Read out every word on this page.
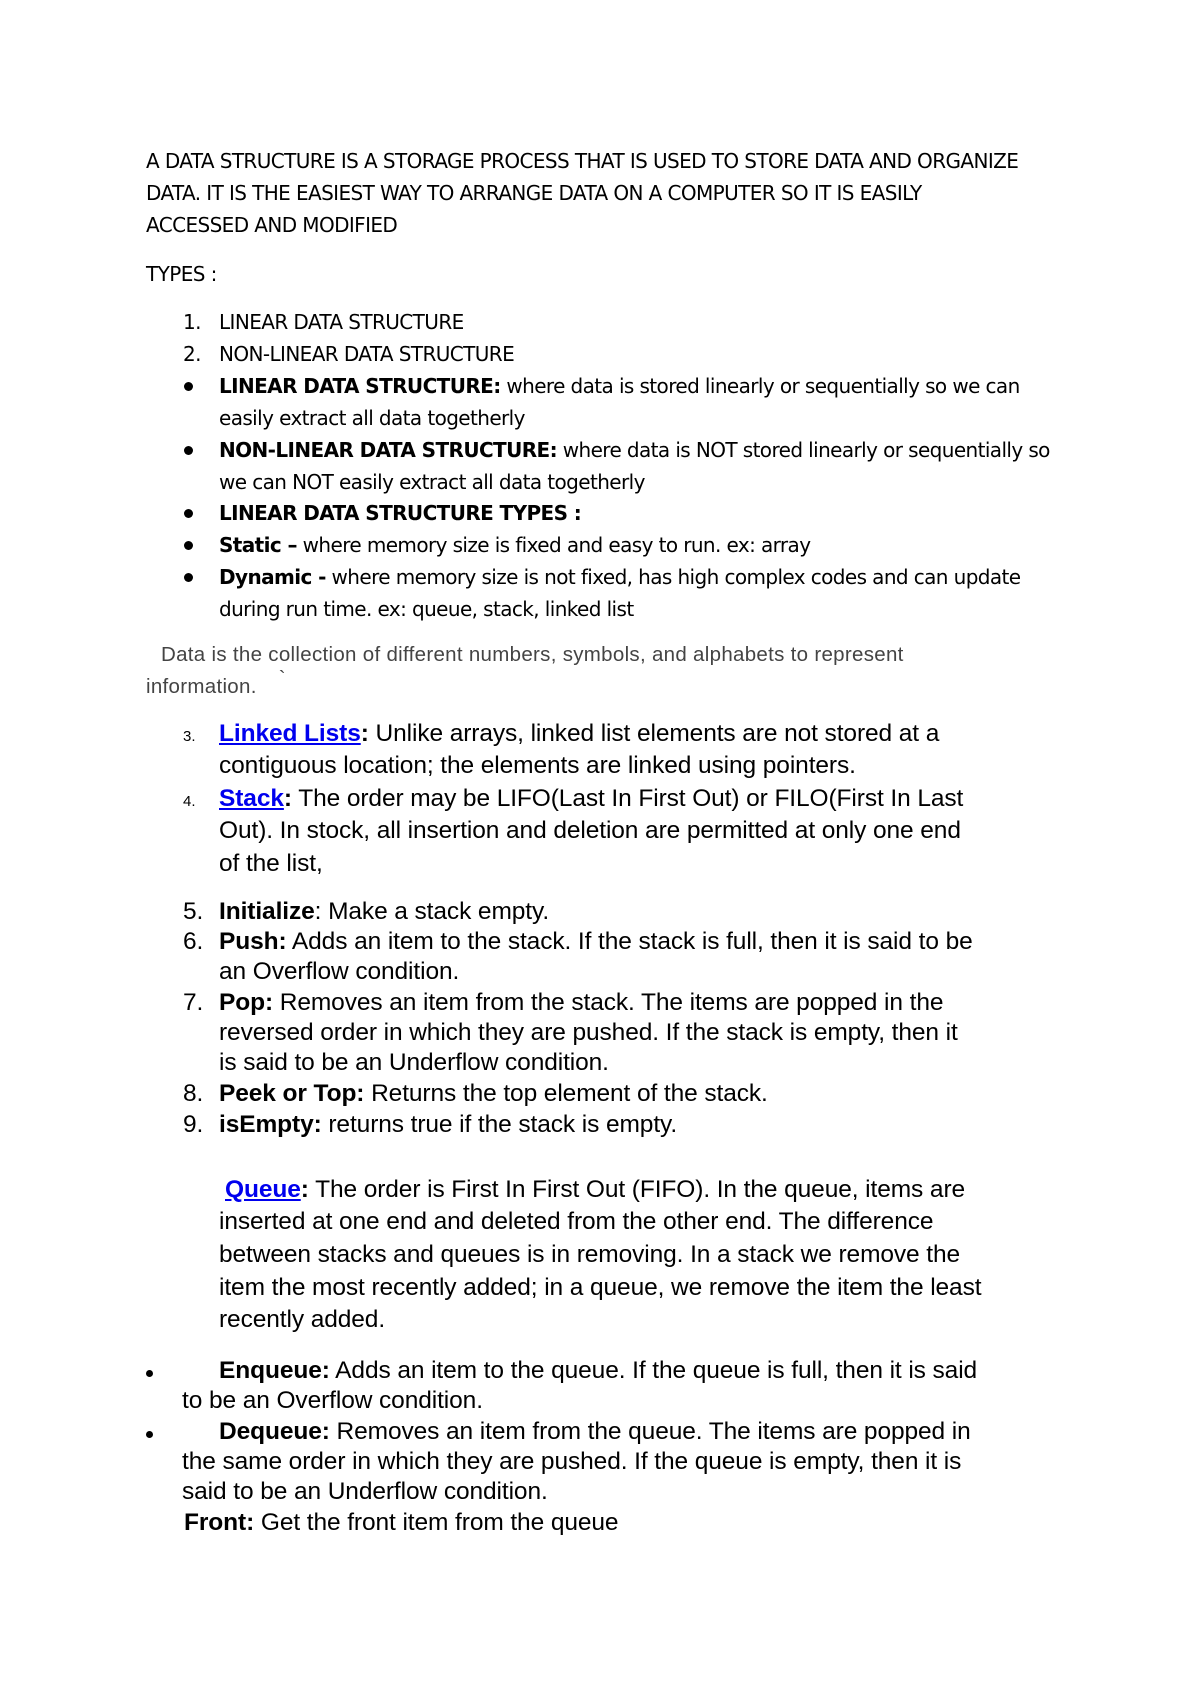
A DATA STRUCTURE IS A STORAGE PROCESS THAT IS USED TO STORE DATA AND ORGANIZE
DATA. IT IS THE EASIEST WAY TO ARRANGE DATA ON A COMPUTER SO IT IS EASILY
ACCESSED AND MODIFIED
TYPES :
1. LINEAR DATA STRUCTURE
2. NON-LINEAR DATA STRUCTURE
LINEAR DATA STRUCTURE: where data is stored linearly or sequentially so we can
easily extract all data togetherly
NON-LINEAR DATA STRUCTURE: where data is NOT stored linearly or sequentially so
we can NOT easily extract all data togetherly
LINEAR DATA STRUCTURE TYPES :
Static – where memory size is fixed and easy to run. ex: array
Dynamic - where memory size is not fixed, has high complex codes and can update
during run time. ex: queue, stack, linked list
Data is the collection of different numbers, symbols, and alphabets to represent
information. `
3. Linked Lists: Unlike arrays, linked list elements are not stored at a
contiguous location; the elements are linked using pointers.
4. Stack: The order may be LIFO(Last In First Out) or FILO(First In Last
Out). In stock, all insertion and deletion are permitted at only one end
of the list,
5. Initialize: Make a stack empty.
6. Push: Adds an item to the stack. If the stack is full, then it is said to be
an Overflow condition.
7. Pop: Removes an item from the stack. The items are popped in the
reversed order in which they are pushed. If the stack is empty, then it
is said to be an Underflow condition.
8. Peek or Top: Returns the top element of the stack.
9. isEmpty: returns true if the stack is empty.
Queue: The order is First In First Out (FIFO). In the queue, items are
inserted at one end and deleted from the other end. The difference
between stacks and queues is in removing. In a stack we remove the
item the most recently added; in a queue, we remove the item the least
recently added.
Enqueue: Adds an item to the queue. If the queue is full, then it is said
to be an Overflow condition.
Dequeue: Removes an item from the queue. The items are popped in
the same order in which they are pushed. If the queue is empty, then it is
said to be an Underflow condition.
Front: Get the front item from the queue
